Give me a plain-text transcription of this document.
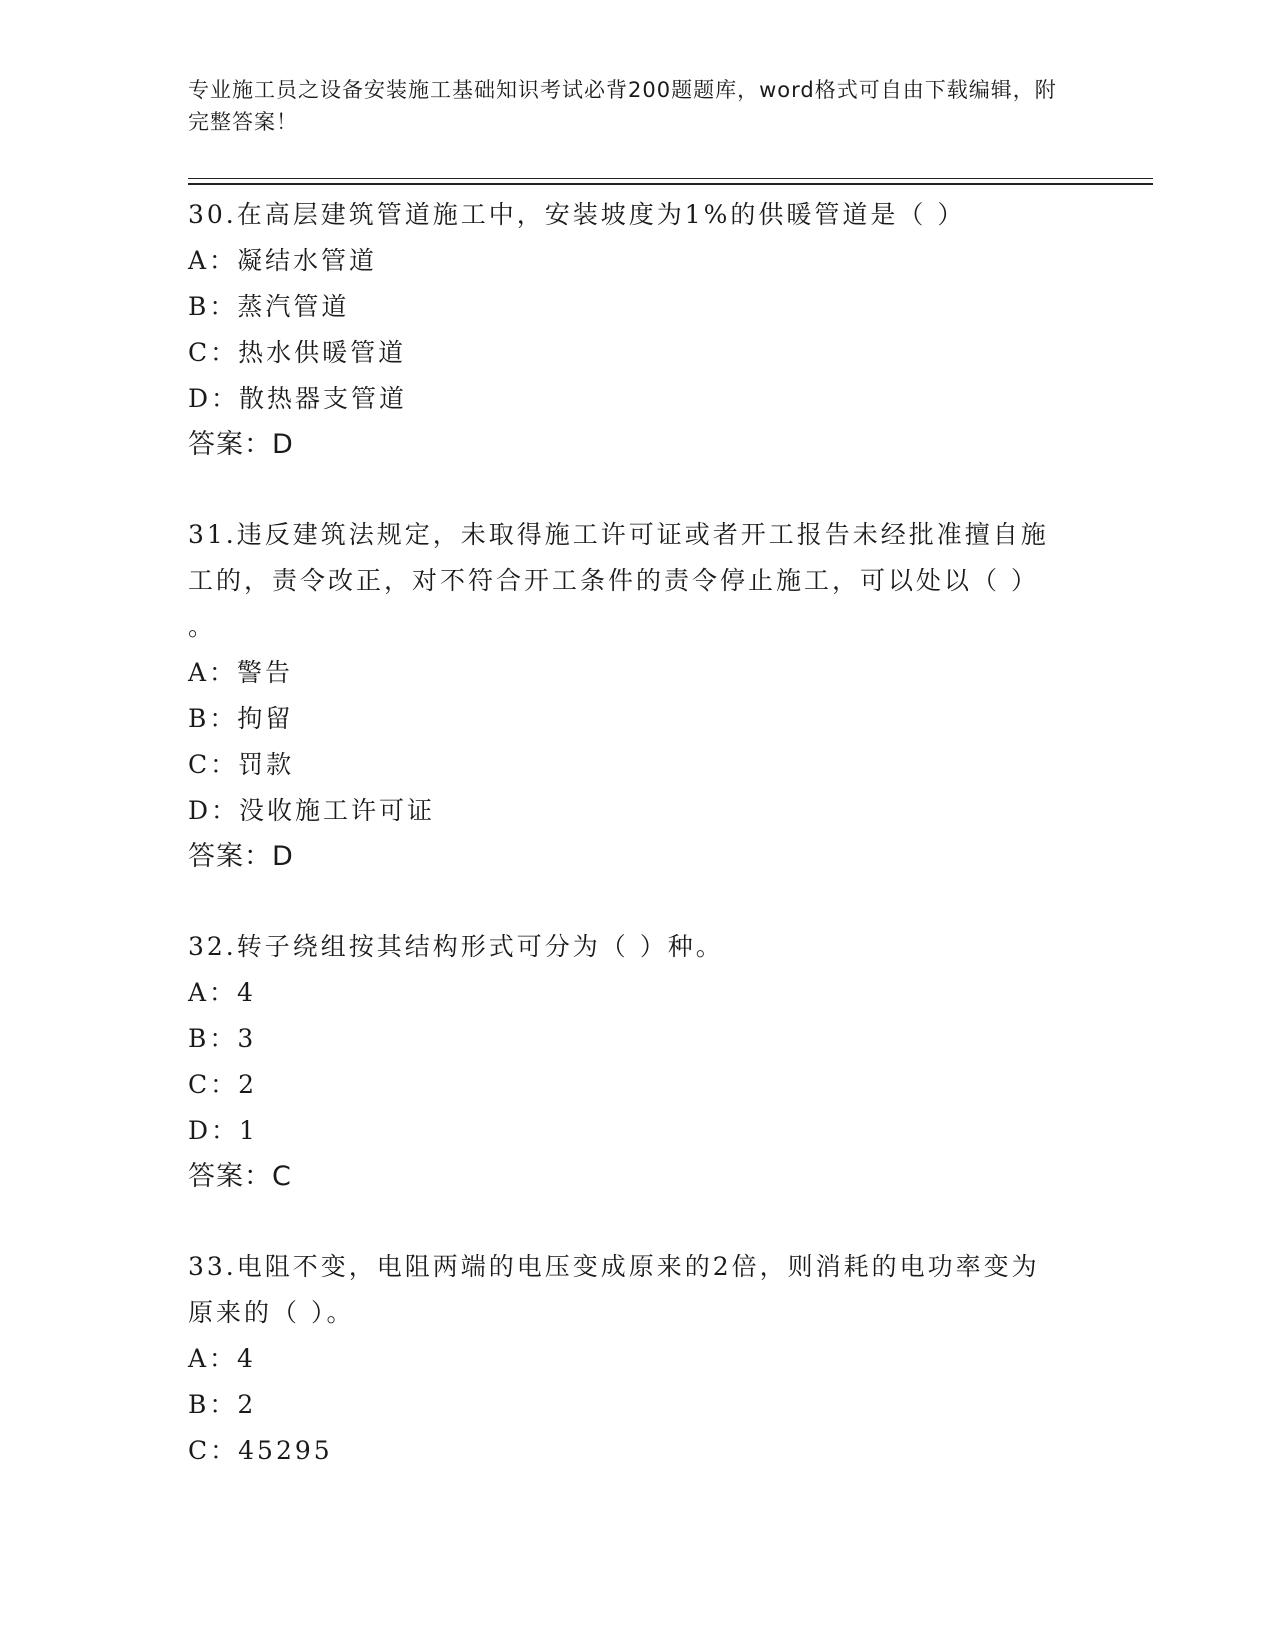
专业施工员之设备安装施工基础知识考试必背200题题库，word格式可自由下载编辑，附完整答案！
30.在高层建筑管道施工中，安装坡度为1%的供暖管道是（ ）
A：凝结水管道
B：蒸汽管道
C：热水供暖管道
D：散热器支管道
答案：D
31.违反建筑法规定，未取得施工许可证或者开工报告未经批准擅自施
工的，责令改正，对不符合开工条件的责令停止施工，可以处以（ ）
。
A：警告
B：拘留
C：罚款
D：没收施工许可证
答案：D
32.转子绕组按其结构形式可分为（ ）种。
A：4
B：3
C：2
D：1
答案：C
33.电阻不变，电阻两端的电压变成原来的2倍，则消耗的电功率变为
原来的（ ）。
A：4
B：2
C：45295
